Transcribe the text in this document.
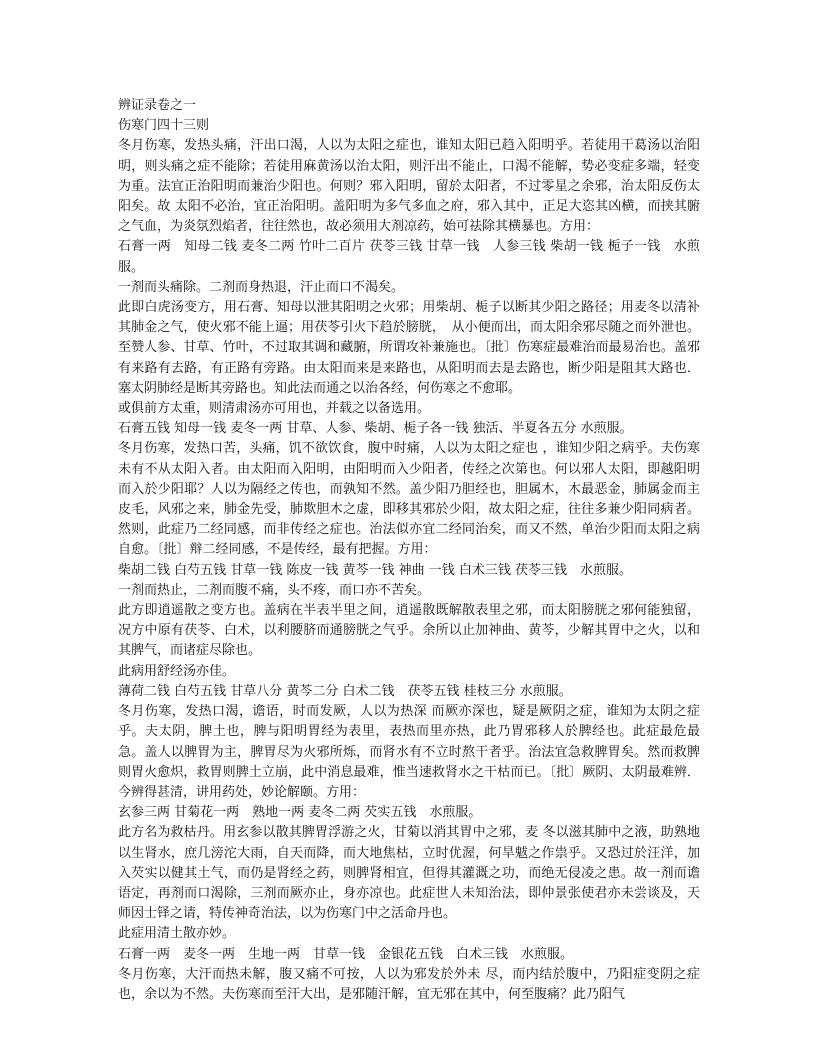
辨证录卷之一

伤寒门四十三则

冬月伤寒，发热头痛，汗出口渴，人以为太阳之症也，谁知太阳已趋入阳明乎。若徒用干葛汤以治阳明，则头痛之症不能除；若徒用麻黄汤以治太阳，则汗出不能止，口渴不能解，势必变症多端，轻变为重。法宜正治阳明而兼治少阳也。何则？邪入阳明，留於太阳者，不过零星之余邪，治太阳反伤太阳矣。故 太阳不必治，宜正治阳明。盖阳明为多气多血之府，邪入其中，正足大恣其凶横，而挟其腑之气血，为炎氛烈焰者，往往然也，故必须用大剂凉药，始可祛除其横暴也。方用：

石膏一两　知母二钱 麦冬二两 竹叶二百片 茯苓三钱 甘草一钱　人参三钱 柴胡一钱 栀子一钱　水煎服。

一剂而头痛除。二剂而身热退，汗止而口不渴矣。

此即白虎汤变方，用石膏、知母以泄其阳明之火邪；用柴胡、栀子以断其少阳之路径；用麦冬以清补其肺金之气，使火邪不能上逼；用茯苓引火下趋於膀胱，　从小便而出，而太阳余邪尽随之而外泄也。至赞人参、甘草、竹叶，不过取其调和藏腑，所谓攻补兼施也。〔批〕伤寒症最难治而最易治也。盖邪有来路有去路，有正路有旁路。由太阳而来是来路也，从阳明而去是去路也，断少阳是阻其大路也．塞太阴肺经是断其旁路也。知此法而通之以治各经，何伤寒之不愈耶。

或俱前方太重，则清肃汤亦可用也，并载之以备选用。

石膏五钱 知母一钱 麦冬一两 甘草、人参、柴胡、栀子各一钱 独活、半夏各五分 水煎服。

冬月伤寒，发热口苦，头痛，饥不欲饮食，腹中时痛，人以为太阳之症也 ，谁知少阳之病乎。夫伤寒未有不从太阳入者。由太阳而入阳明，由阳明而入少阳者，传经之次第也。何以邪人太阳，即越阳明而入於少阳耶？人以为隔经之传也，而孰知不然。盖少阳乃胆经也，胆属木，木最恶金，肺属金而主皮毛，风邪之来，肺金先受，肺欺胆木之虚，即移其邪於少阳，故太阳之症，往往多兼少阳同病者。然则，此症乃二经同感，而非传经之症也。治法似亦宜二经同治矣，而又不然，单治少阳而太阳之病自愈。〔批〕辩二经同感，不是传经，最有把握。方用：

柴胡二钱 白芍五钱 甘草一钱 陈皮一钱 黄芩一钱 神曲 一钱 白术三钱 茯苓三钱　水煎服。

一剂而热止，二剂而腹不痛，头不疼，而口亦不苦矣。

此方即逍遥散之变方也。盖病在半表半里之间，逍遥散既解散表里之邪，而太阳膀胱之邪何能独留，况方中原有茯苓、白术，以利腰脐而通膀胱之气乎。余所以止加神曲、黄芩，少解其胃中之火，以和其脾气，而诸症尽除也。

此病用舒经汤亦佳。

薄荷二钱 白芍五钱 甘草八分 黄芩二分 白术二钱　茯苓五钱 桂枝三分 水煎服。

冬月伤寒，发热口渴，谵语，时而发厥，人以为热深 而厥亦深也，疑是厥阴之症，谁知为太阴之症乎。夫太阴，脾土也，脾与阳明胃经为表里，表热而里亦热，此乃胃邪移人於脾经也。此症最危最急。盖人以脾胃为主，脾胃尽为火邪所烁，而肾水有不立时熬干者乎。治法宜急救脾胃矣。然而救脾则胃火愈炽，救胃则脾土立崩，此中消息最难，惟当速救肾水之干枯而已。〔批〕厥阴、太阴最难辨．今辨得甚清，讲用药处，妙论解颐。方用：

玄参三两 甘菊花一两　熟地一两 麦冬二两 芡实五钱　水煎服。

此方名为救枯丹。用玄参以散其脾胃浮游之火，甘菊以消其胃中之邪，麦 冬以滋其肺中之液，助熟地以生肾水，庶几滂沱大雨，自天而降，而大地焦枯，立时优渥，何旱魃之作祟乎。又恐过於汪洋，加入芡实以健其土气，而仍是肾经之药，则脾肾相宜，但得其灌溉之功，而绝无侵凌之患。故一剂而谵语定，再剂而口渴除，三剂而厥亦止，身亦凉也。此症世人未知治法，即仲景张使君亦未尝谈及，天师因士铎之请，特传神奇治法，以为伤寒门中之活命丹也。

此症用清土散亦妙。

石膏一两　麦冬一两　生地一两　甘草一钱　金银花五钱　白术三钱　水煎服。

冬月伤寒，大汗而热未解，腹又痛不可按，人以为邪发於外未 尽，而内结於腹中，乃阳症变阴之症也，余以为不然。夫伤寒而至汗大出，是邪随汗解，宜无邪在其中，何至腹痛？此乃阳气
